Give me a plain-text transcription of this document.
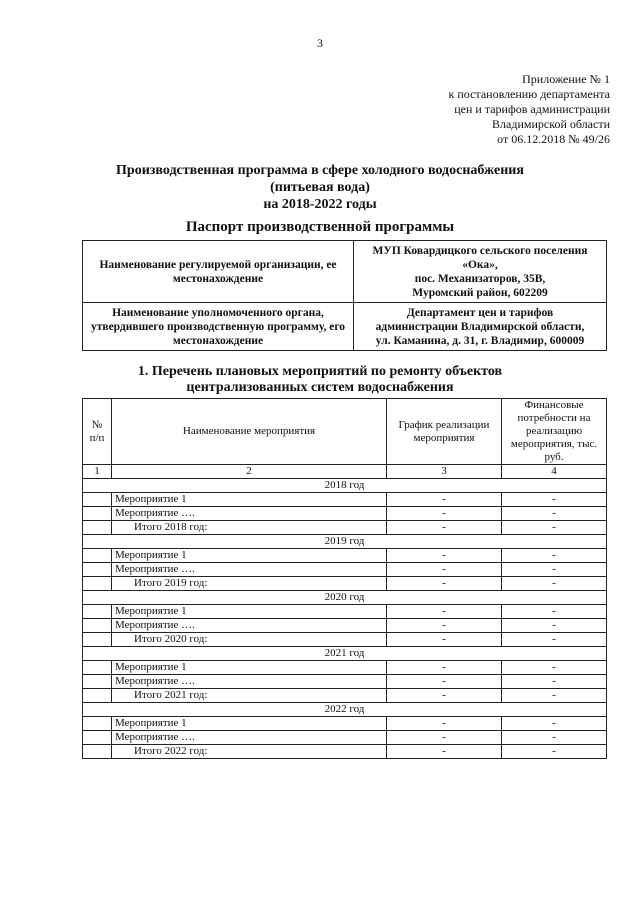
3
Приложение № 1
к постановлению департамента
цен и тарифов администрации
Владимирской области
от 06.12.2018 № 49/26
Производственная программа в сфере холодного водоснабжения
(питьевая вода)
на 2018-2022 годы
Паспорт производственной программы
Наименование регулируемой организации, ее местонахождение	МУП Ковардицкого сельского поселения
«Ока»,
пос. Механизаторов, 35В,
Муромский район, 602209

Наименование уполномоченного органа, утвердившего производственную программу, его местонахождение	Департамент цен и тарифов
администрации Владимирской области,
ул. Каманина, д. 31, г. Владимир, 600009
1. Перечень плановых мероприятий по ремонту объектов
централизованных систем водоснабжения
№ п/п	Наименование мероприятия	График реализации мероприятия	Финансовые потребности на реализацию мероприятия, тыс. руб.
1	2	3	4
2018 год			
	Мероприятие 1	-	-
	Мероприятие ….	-	-
	Итого 2018 год:	-	-
2019 год			
	Мероприятие 1	-	-
	Мероприятие ….	-	-
	Итого 2019 год:	-	-
2020 год			
	Мероприятие 1	-	-
	Мероприятие ….	-	-
	Итого 2020 год:	-	-
2021 год			
	Мероприятие 1	-	-
	Мероприятие ….	-	-
	Итого 2021 год:	-	-
2022 год			
	Мероприятие 1	-	-
	Мероприятие ….	-	-
	Итого 2022 год:	-	-
